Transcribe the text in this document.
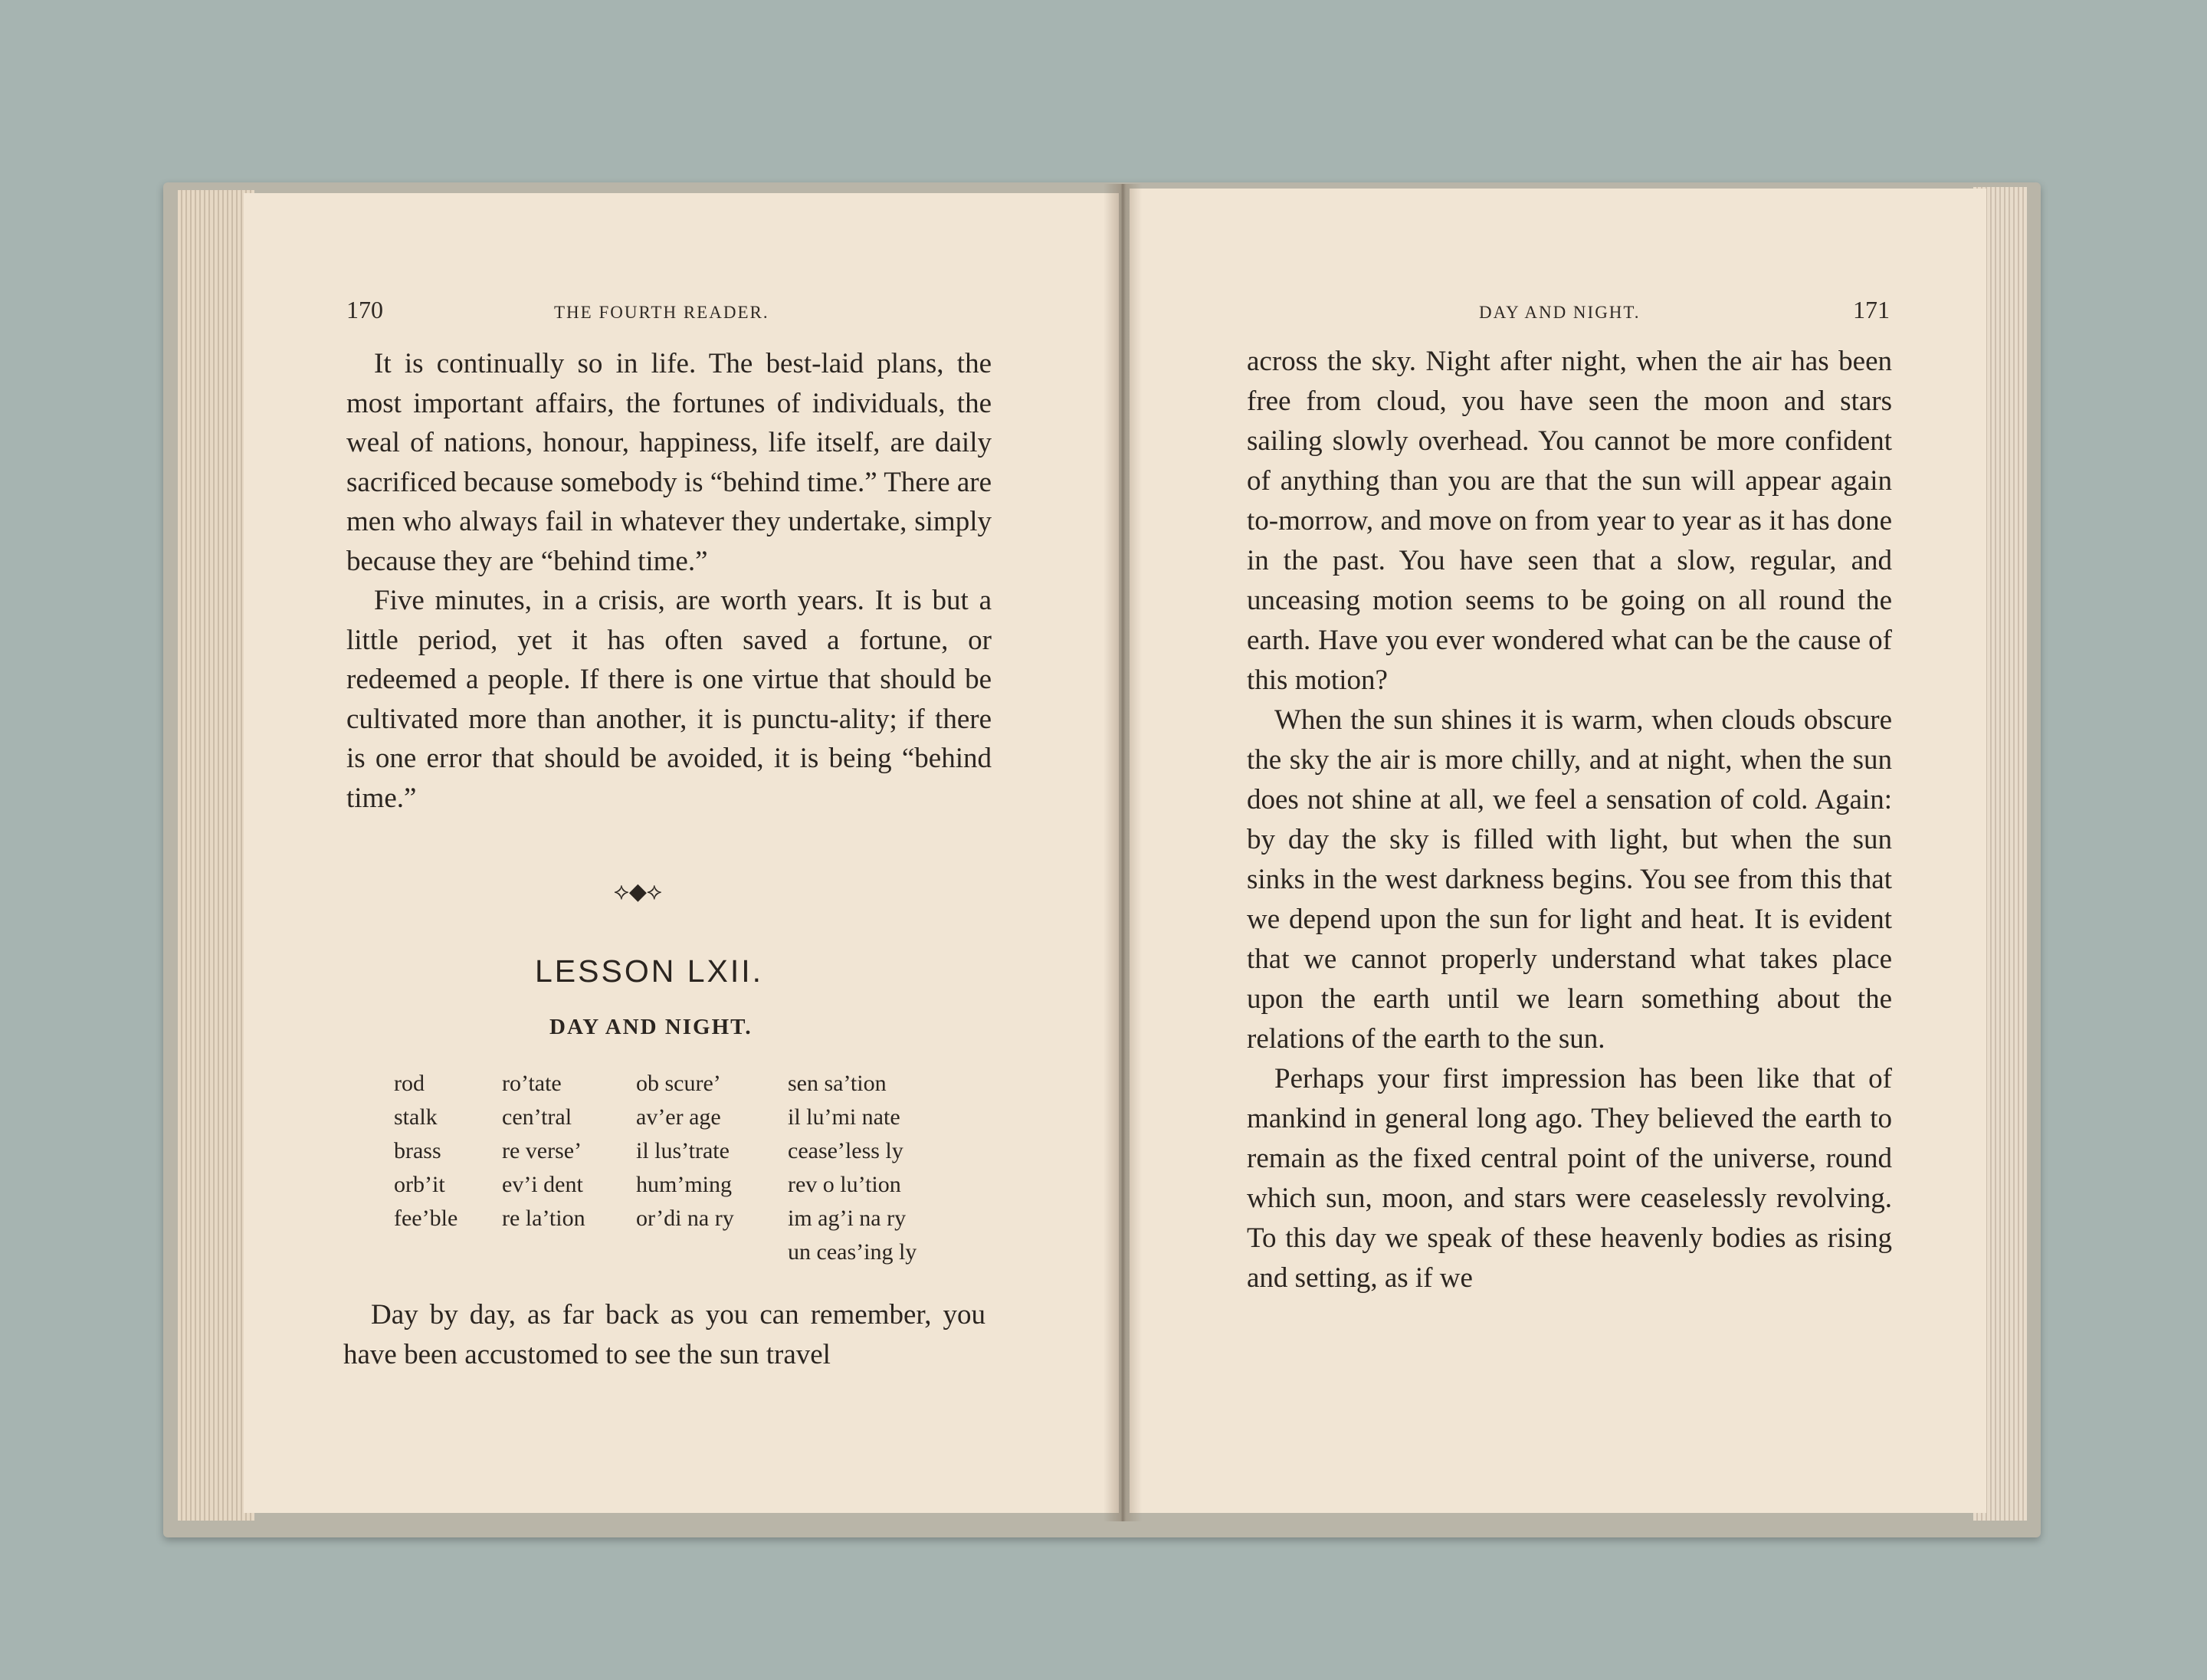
170	THE FOURTH READER.

It is continually so in life. The best-laid plans, the most important affairs, the fortunes of individuals, the weal of nations, honour, happiness, life itself, are daily sacrificed because somebody is “behind time.” There are men who always fail in whatever they undertake, simply because they are “behind time.”

Five minutes, in a crisis, are worth years. It is but a little period, yet it has often saved a fortune, or redeemed a people. If there is one virtue that should be cultivated more than another, it is punctu-ality; if there is one error that should be avoided, it is being “behind time.”

⟡◆⟡
LESSON LXII.
DAY AND NIGHT.
rod
stalk
brass
orb’it
fee’ble
ro’tate
cen’tral
re verse’
ev’i dent
re la’tion
ob scure’
av’er age
il lus’trate
hum’ming
or’di na ry
sen sa’tion
il lu’mi nate
cease’less ly
rev o lu’tion
im ag’i na ry
un ceas’ing ly

Day by day, as far back as you can remember, you have been accustomed to see the sun travel

DAY AND NIGHT.	171

across the sky. Night after night, when the air has been free from cloud, you have seen the moon and stars sailing slowly overhead. You cannot be more confident of anything than you are that the sun will appear again to-morrow, and move on from year to year as it has done in the past. You have seen that a slow, regular, and unceasing motion seems to be going on all round the earth. Have you ever wondered what can be the cause of this motion?

When the sun shines it is warm, when clouds obscure the sky the air is more chilly, and at night, when the sun does not shine at all, we feel a sensation of cold. Again: by day the sky is filled with light, but when the sun sinks in the west darkness begins. You see from this that we depend upon the sun for light and heat. It is evident that we cannot properly understand what takes place upon the earth until we learn something about the relations of the earth to the sun.

Perhaps your first impression has been like that of mankind in general long ago. They believed the earth to remain as the fixed central point of the universe, round which sun, moon, and stars were ceaselessly revolving. To this day we speak of these heavenly bodies as rising and setting, as if we
